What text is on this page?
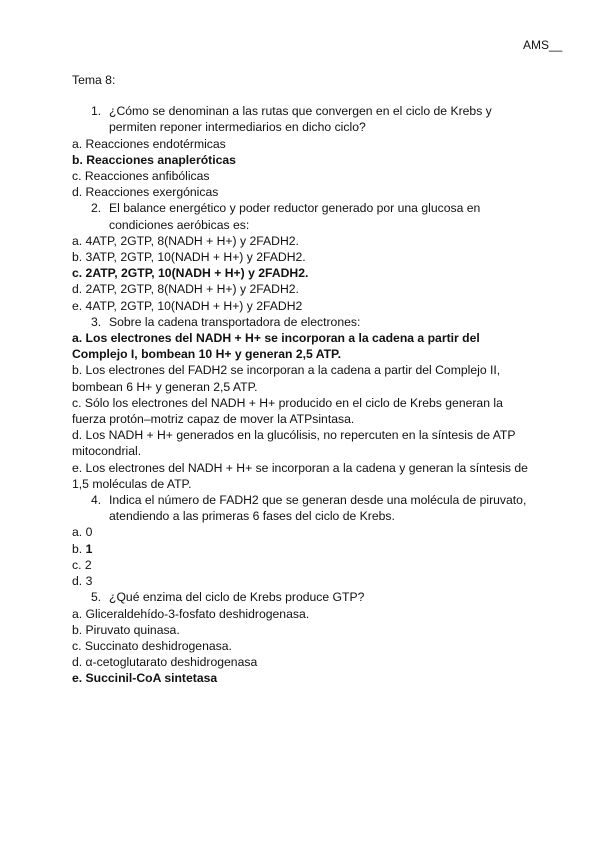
AMS__
Tema 8:
1. ¿Cómo se denominan a las rutas que convergen en el ciclo de Krebs y permiten reponer intermediarios en dicho ciclo?
a. Reacciones endotérmicas
b. Reacciones anapleróticas
c. Reacciones anfibólicas
d. Reacciones exergónicas
2. El balance energético y poder reductor generado por una glucosa en condiciones aeróbicas es:
a. 4ATP, 2GTP, 8(NADH + H+) y 2FADH2.
b. 3ATP, 2GTP, 10(NADH + H+) y 2FADH2.
c. 2ATP, 2GTP, 10(NADH + H+) y 2FADH2.
d. 2ATP, 2GTP, 8(NADH + H+) y 2FADH2.
e. 4ATP, 2GTP, 10(NADH + H+) y 2FADH2
3. Sobre la cadena transportadora de electrones:
a. Los electrones del NADH + H+ se incorporan a la cadena a partir del Complejo I, bombean 10 H+ y generan 2,5 ATP.
b. Los electrones del FADH2 se incorporan a la cadena a partir del Complejo II, bombean 6 H+ y generan 2,5 ATP.
c. Sólo los electrones del NADH + H+ producido en el ciclo de Krebs generan la fuerza protón–motriz capaz de mover la ATPsintasa.
d. Los NADH + H+ generados en la glucólisis, no repercuten en la síntesis de ATP mitocondrial.
e. Los electrones del NADH + H+ se incorporan a la cadena y generan la síntesis de 1,5 moléculas de ATP.
4. Indica el número de FADH2 que se generan desde una molécula de piruvato, atendiendo a las primeras 6 fases del ciclo de Krebs.
a. 0
b. 1
c. 2
d. 3
5. ¿Qué enzima del ciclo de Krebs produce GTP?
a. Gliceraldehído-3-fosfato deshidrogenasa.
b. Piruvato quinasa.
c. Succinato deshidrogenasa.
d. α-cetoglutarato deshidrogenasa
e. Succinil-CoA sintetasa
